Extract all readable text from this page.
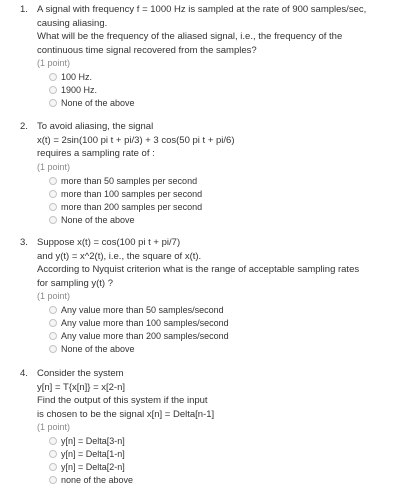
1. A signal with frequency f = 1000 Hz is sampled at the rate of 900 samples/sec,
causing aliasing.
What will be the frequency of the aliased signal, i.e., the frequency of the
continuous time signal recovered from the samples?
(1 point)
100 Hz.
1900 Hz.
None of the above
2. To avoid aliasing, the signal
x(t) = 2sin(100 pi t + pi/3) + 3 cos(50 pi t + pi/6)
requires a sampling rate of :
(1 point)
more than 50 samples per second
more than 100 samples per second
more than 200 samples per second
None of the above
3. Suppose x(t) = cos(100 pi t + pi/7)
and y(t) = x^2(t), i.e., the square of x(t).
According to Nyquist criterion what is the range of acceptable sampling rates
for sampling y(t) ?
(1 point)
Any value more than 50 samples/second
Any value more than 100 samples/second
Any value more than 200 samples/second
None of the above
4. Consider the system
y[n] = T{x[n]} = x[2-n]
Find the output of this system if the input
is chosen to be the signal x[n] = Delta[n-1]
(1 point)
y[n] = Delta[3-n]
y[n] = Delta[1-n]
y[n] = Delta[2-n]
none of the above
